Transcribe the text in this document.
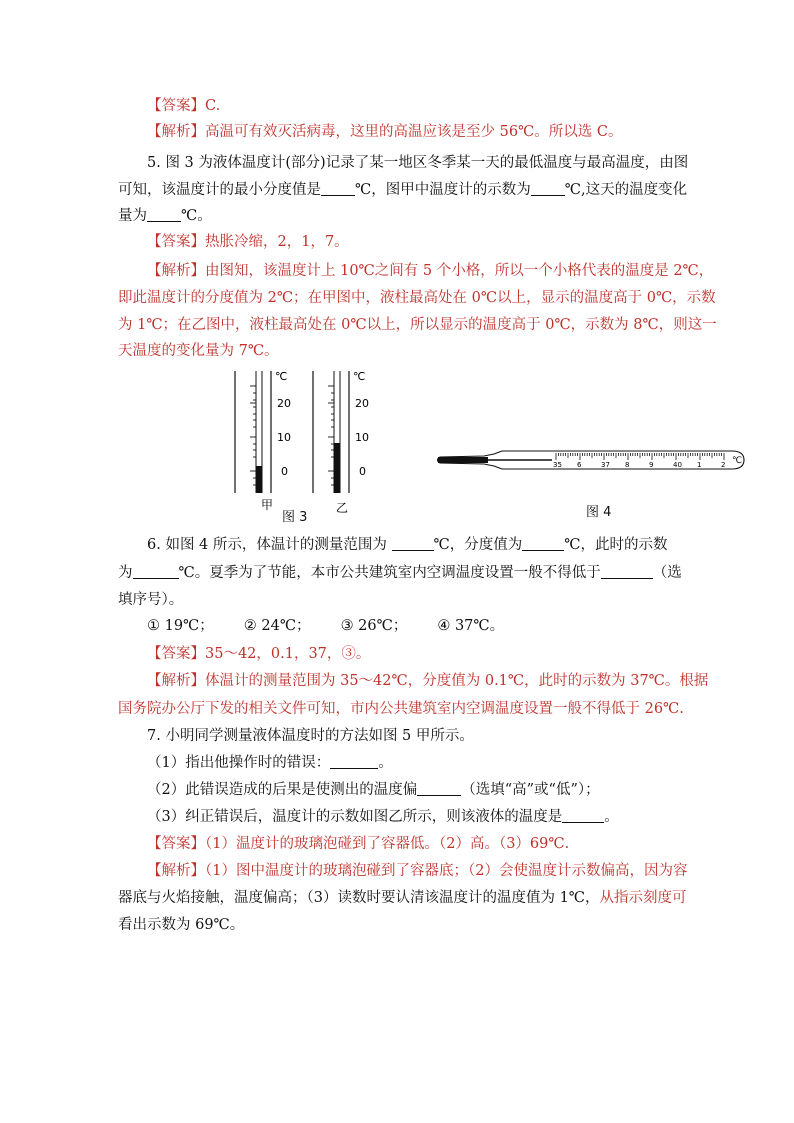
【答案】C.
【解析】高温可有效灭活病毒，这里的高温应该是至少 56℃。所以选 C。
5. 图 3 为液体温度计(部分)记录了某一地区冬季某一天的最低温度与最高温度，由图
可知，该温度计的最小分度值是 ℃，图甲中温度计的示数为 ℃,这天的温度变化
量为 ℃。
【答案】热胀冷缩，2，1，7。
【解析】由图知，该温度计上 10℃之间有 5 个小格，所以一个小格代表的温度是 2℃，
即此温度计的分度值为 2℃；在甲图中，液柱最高处在 0℃以上，显示的温度高于 0℃，示数
为 1℃；在乙图中，液柱最高处在 0℃以上，所以显示的温度高于 0℃，示数为 8℃，则这一
天温度的变化量为 7℃。
℃
20
10
0
℃
20
10
0
甲	乙
图 3
35 6	37 8	9	40 1	2 ℃
图 4
6. 如图 4 所示，体温计的测量范围为	℃，分度值为	℃，此时的示数
为	℃。夏季为了节能，本市公共建筑室内空调温度设置一般不得低于	（选
填序号）。
① 19℃； ② 24℃； ③ 26℃； ④ 37℃。
【答案】35～42，0.1，37，③。
【解析】体温计的测量范围为 35～42℃，分度值为 0.1℃，此时的示数为 37℃。根据
国务院办公厅下发的相关文件可知，市内公共建筑室内空调温度设置一般不得低于 26℃.
7. 小明同学测量液体温度时的方法如图 5 甲所示。
（1）指出他操作时的错误：	。
（2）此错误造成的后果是使测出的温度偏	（选填“高”或“低”）；
（3）纠正错误后，温度计的示数如图乙所示，则该液体的温度是	。
【答案】（1）温度计的玻璃泡碰到了容器低。（2）高。（3）69℃.
【解析】（1）图中温度计的玻璃泡碰到了容器底；（2）会使温度计示数偏高，因为容
器底与火焰接触，温度偏高；（3）读数时要认清该温度计的温度值为 1℃，从指示刻度可
看出示数为 69℃。
